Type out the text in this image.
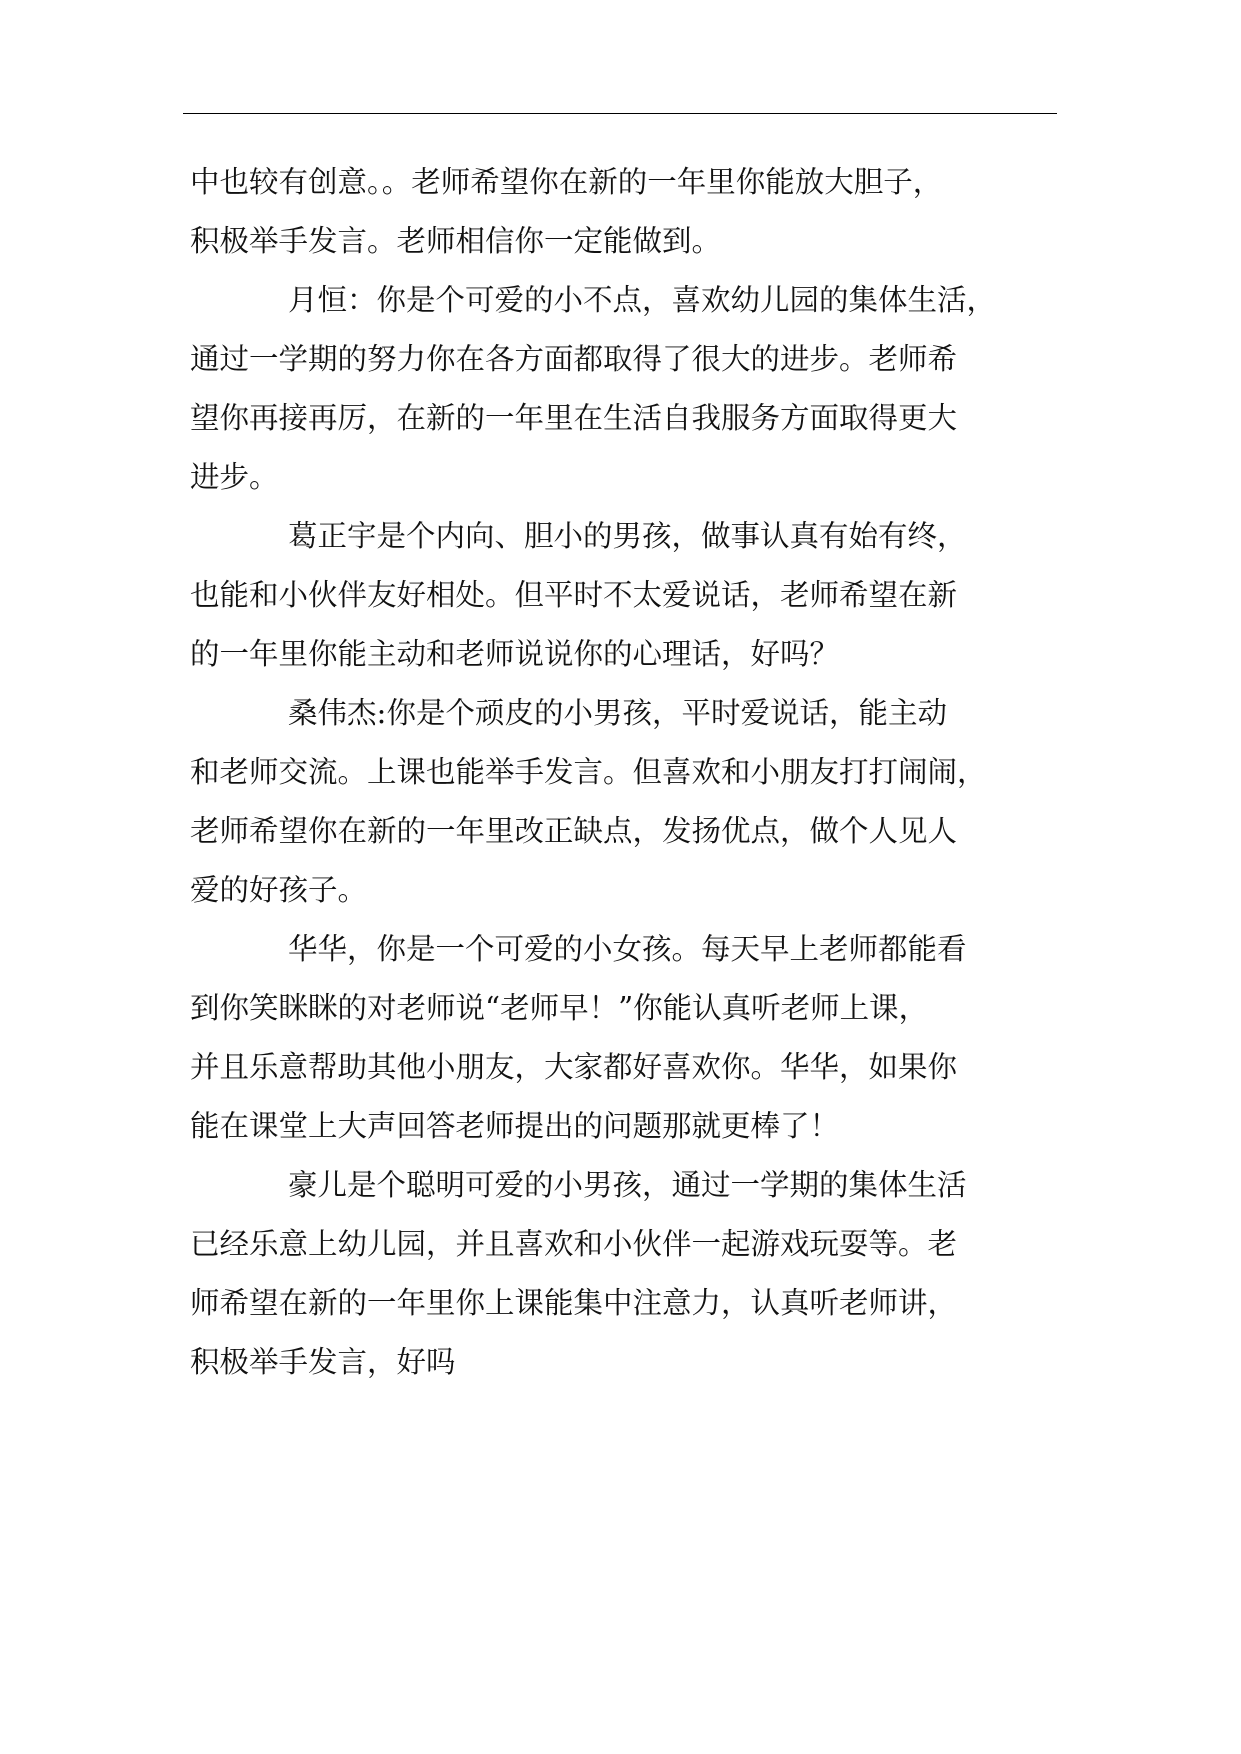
中也较有创意。。老师希望你在新的一年里你能放大胆子，
积极举手发言。老师相信你一定能做到。
月恒：你是个可爱的小不点，喜欢幼儿园的集体生活，
通过一学期的努力你在各方面都取得了很大的进步。老师希
望你再接再厉，在新的一年里在生活自我服务方面取得更大
进步。
葛正宇是个内向、胆小的男孩，做事认真有始有终，
也能和小伙伴友好相处。但平时不太爱说话，老师希望在新
的一年里你能主动和老师说说你的心理话，好吗？
桑伟杰:你是个顽皮的小男孩，平时爱说话，能主动
和老师交流。上课也能举手发言。但喜欢和小朋友打打闹闹，
老师希望你在新的一年里改正缺点，发扬优点，做个人见人
爱的好孩子。
华华，你是一个可爱的小女孩。每天早上老师都能看
到你笑眯眯的对老师说“老师早！”你能认真听老师上课，
并且乐意帮助其他小朋友，大家都好喜欢你。华华，如果你
能在课堂上大声回答老师提出的问题那就更棒了！
豪儿是个聪明可爱的小男孩，通过一学期的集体生活
已经乐意上幼儿园，并且喜欢和小伙伴一起游戏玩耍等。老
师希望在新的一年里你上课能集中注意力，认真听老师讲，
积极举手发言，好吗
